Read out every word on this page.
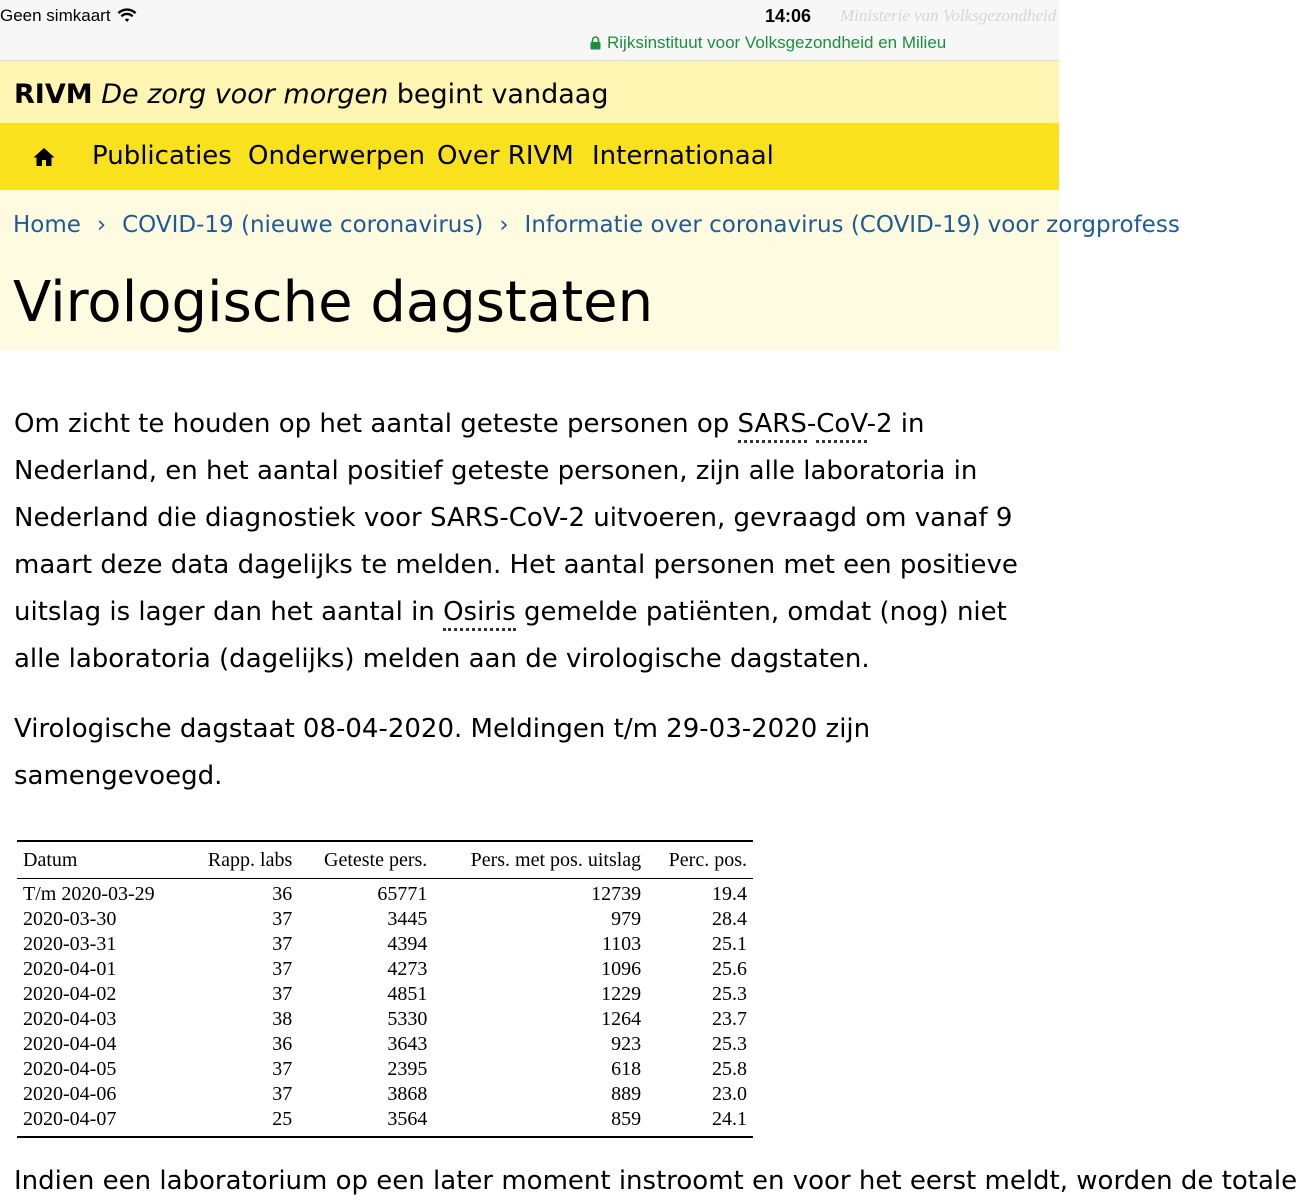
Geen simkaart	14:06 Ministerie van Volksgezondheid
Rijksinstituut voor Volksgezondheid en Milieu
RIVM De zorg voor morgen begint vandaag
Publicaties Onderwerpen Over RIVM Internationaal
Home › COVID-19 (nieuwe coronavirus) › Informatie over coronavirus (COVID-19) voor zorgprofess
Virologische dagstaten

Om zicht te houden op het aantal geteste personen op SARS-CoV-2 in Nederland, en het aantal positief geteste personen, zijn alle laboratoria in Nederland die diagnostiek voor SARS-CoV-2 uitvoeren, gevraagd om vanaf 9 maart deze data dagelijks te melden. Het aantal personen met een positieve uitslag is lager dan het aantal in Osiris gemelde patiënten, omdat (nog) niet alle laboratoria (dagelijks) melden aan de virologische dagstaten.

Virologische dagstaat 08-04-2020. Meldingen t/m 29-03-2020 zijn samengevoegd.

Datum	Rapp. labs	Geteste pers.	Pers. met pos. uitslag	Perc. pos.
T/m 2020-03-29	36	65771	12739	19.4
2020-03-30	37	3445	979	28.4
2020-03-31	37	4394	1103	25.1
2020-04-01	37	4273	1096	25.6
2020-04-02	37	4851	1229	25.3
2020-04-03	38	5330	1264	23.7
2020-04-04	36	3643	923	25.3
2020-04-05	37	2395	618	25.8
2020-04-06	37	3868	889	23.0
2020-04-07	25	3564	859	24.1

Indien een laboratorium op een later moment instroomt en voor het eerst meldt, worden de totale
